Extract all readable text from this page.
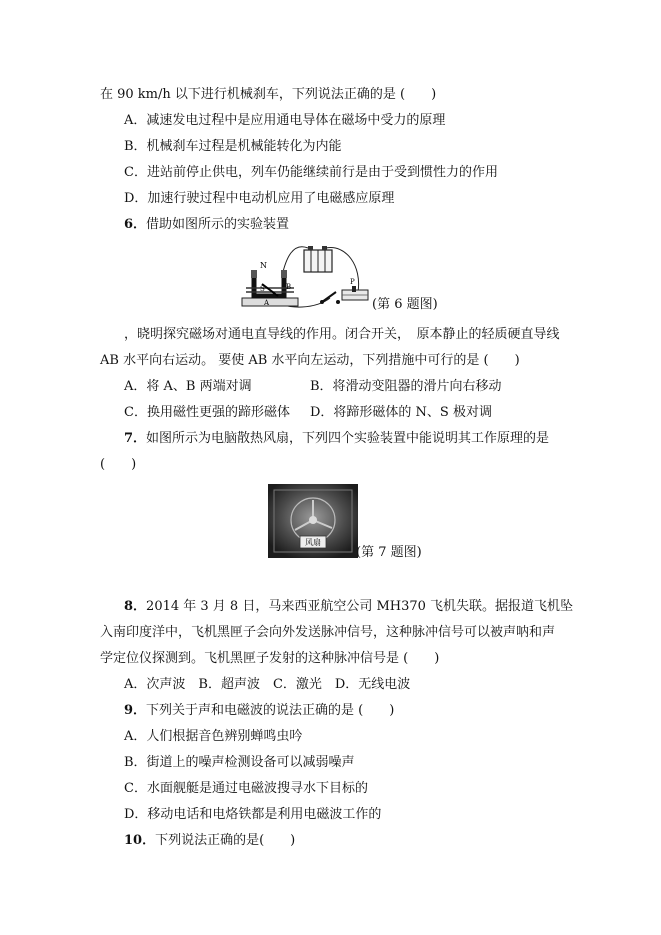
在 90 km/h 以下进行机械刹车，下列说法正确的是 (　　)
A．减速发电过程中是应用通电导体在磁场中受力的原理
B．机械刹车过程是机械能转化为内能
C．进站前停止供电，列车仍能继续前行是由于受到惯性力的作用
D．加速行驶过程中电动机应用了电磁感应原理
6．借助如图所示的实验装置
N
S
A
B
P
(第 6 题图)
，晓明探究磁场对通电直导线的作用。闭合开关，　原本静止的轻质硬直导线
AB 水平向右运动。 要使 AB 水平向左运动，下列措施中可行的是 (　　)
A．将 A、B 两端对调	B．将滑动变阻器的滑片向右移动
C．换用磁性更强的蹄形磁体 D．将蹄形磁体的 N、S 极对调
7．如图所示为电脑散热风扇，下列四个实验装置中能说明其工作原理的是
(　　)
风扇
(第 7 题图)
8．2014 年 3 月 8 日，马来西亚航空公司 MH370 飞机失联。据报道飞机坠
入南印度洋中，飞机黑匣子会向外发送脉冲信号，这种脉冲信号可以被声呐和声
学定位仪探测到。飞机黑匣子发射的这种脉冲信号是 (　　)
A．次声波　B．超声波　C．激光　D．无线电波
9．下列关于声和电磁波的说法正确的是 (　　)
A．人们根据音色辨别蝉鸣虫吟
B．街道上的噪声检测设备可以减弱噪声
C．水面舰艇是通过电磁波搜寻水下目标的
D．移动电话和电烙铁都是利用电磁波工作的
10．下列说法正确的是(　　)
